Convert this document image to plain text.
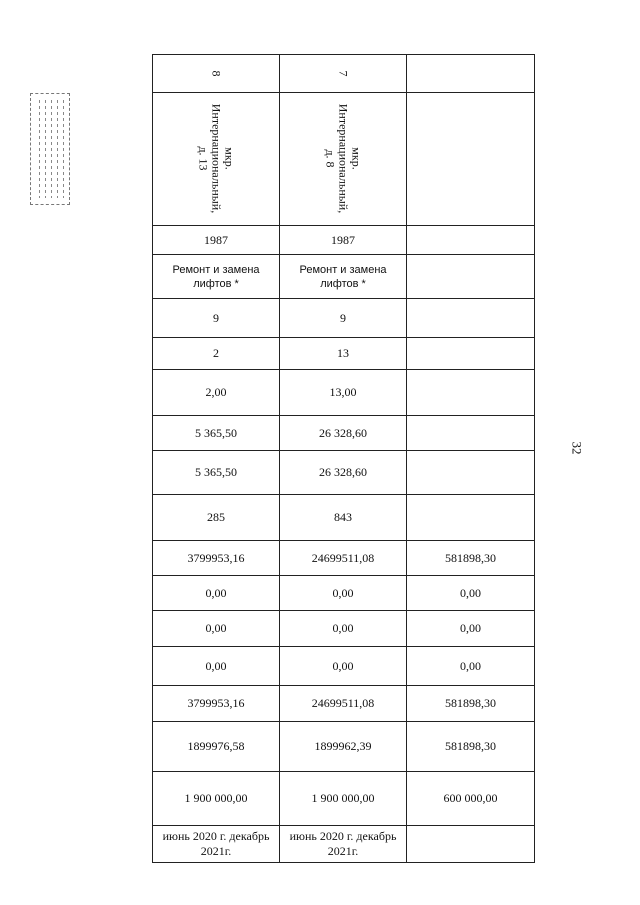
32
8	7	
мкр. Интернациональный, д. 13	мкр. Интернациональный, д. 8	
1987	1987	
Ремонт и замена лифтов *	Ремонт и замена лифтов *	
9	9	
2	13	
2,00	13,00	
5 365,50	26 328,60	
5 365,50	26 328,60	
285	843	
3799953,16	24699511,08	581898,30
0,00	0,00	0,00
0,00	0,00	0,00
0,00	0,00	0,00
3799953,16	24699511,08	581898,30
1899976,58	1899962,39	581898,30
1 900 000,00	1 900 000,00	600 000,00
июнь 2020 г. декабрь 2021г.	июнь 2020 г. декабрь 2021г.	
